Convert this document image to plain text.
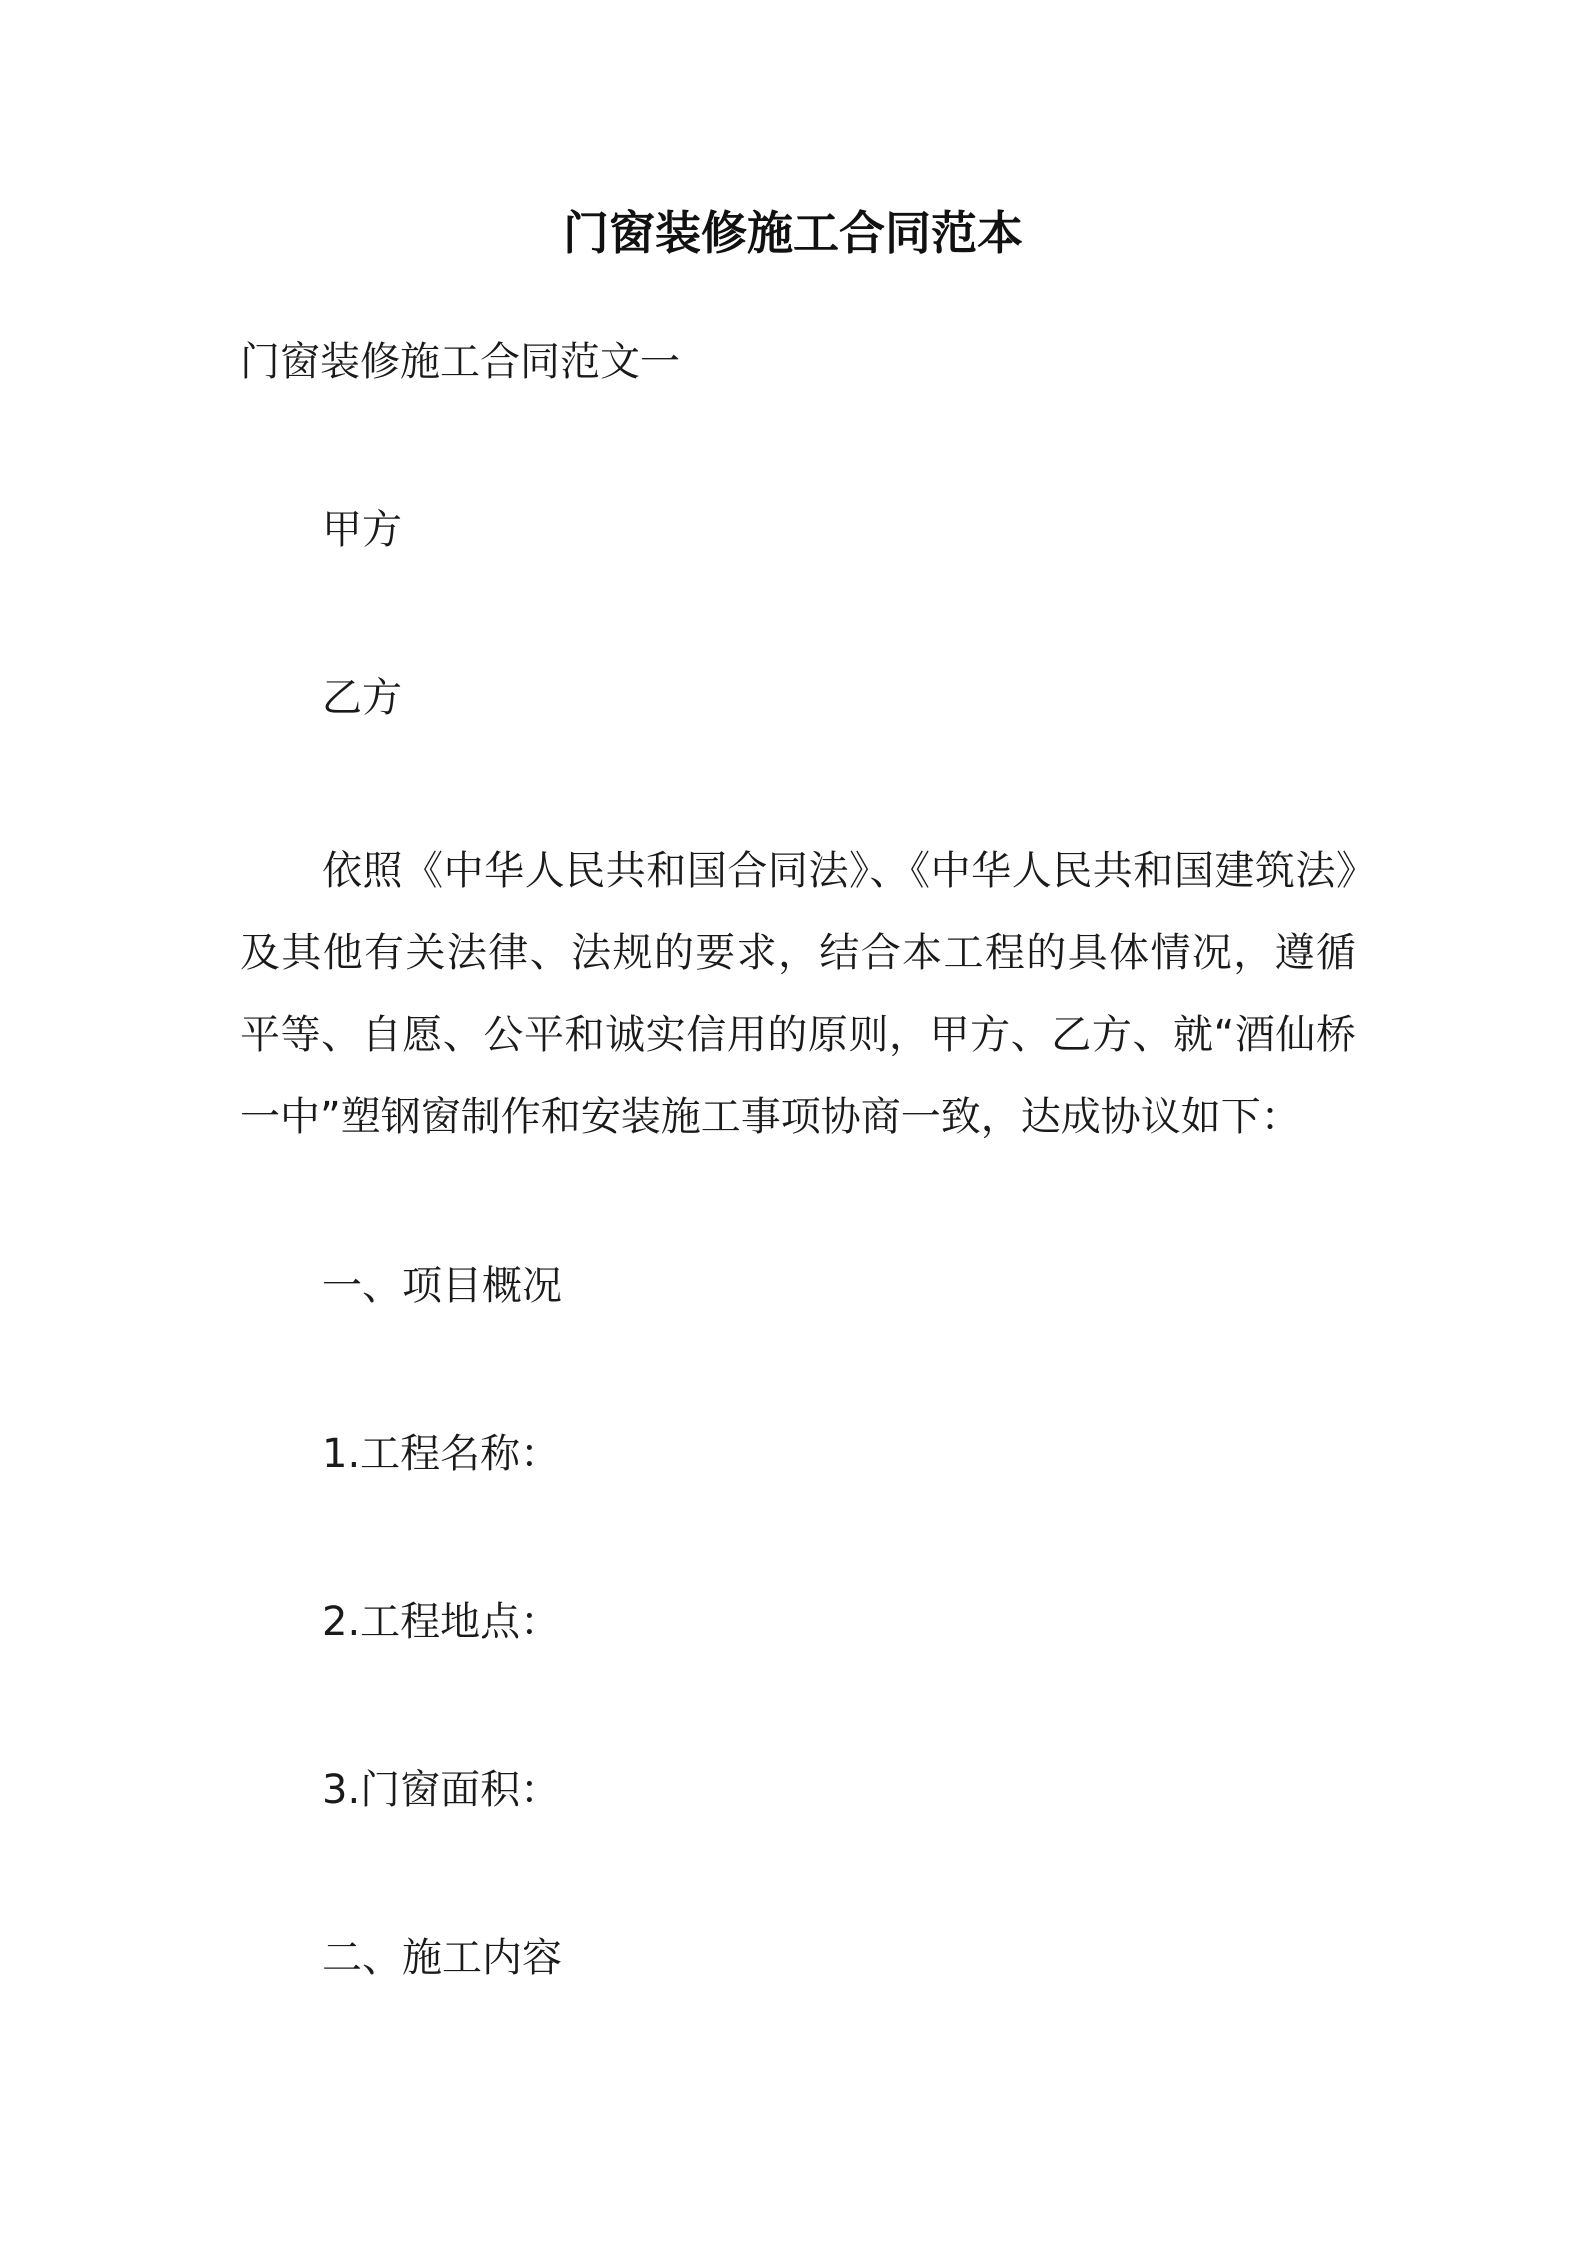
门窗装修施工合同范本
门窗装修施工合同范文一
甲方
乙方
依照《中华人民共和国合同法》、《中华人民共和国建筑法》及其他有关法律、法规的要求，结合本工程的具体情况，遵循平等、自愿、公平和诚实信用的原则，甲方、乙方、就“酒仙桥一中”塑钢窗制作和安装施工事项协商一致，达成协议如下：
一、项目概况
1.工程名称：
2.工程地点：
3.门窗面积：
二、施工内容
